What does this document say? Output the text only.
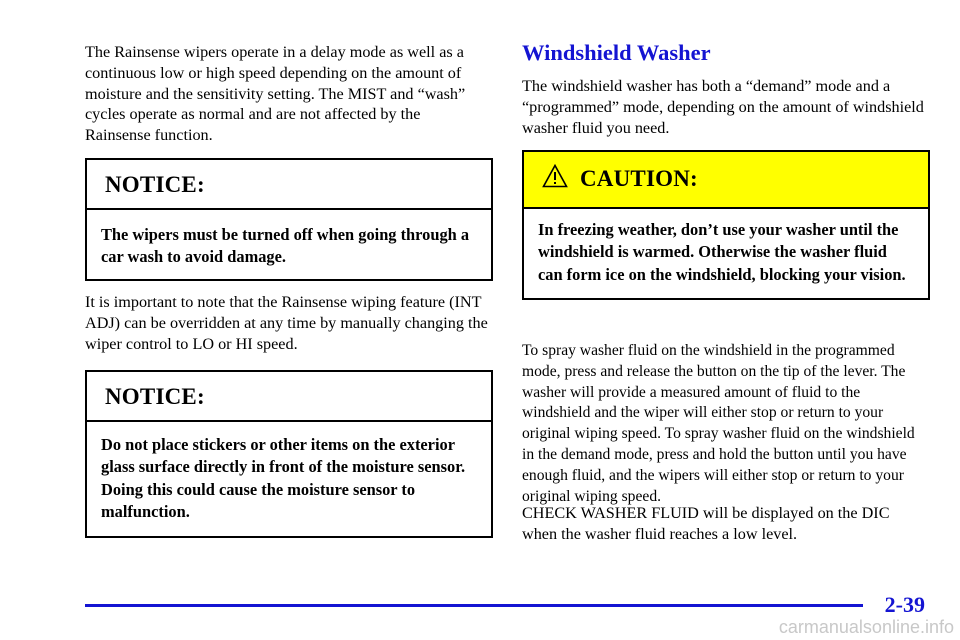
The Rainsense wipers operate in a delay mode as well as a continuous low or high speed depending on the amount of moisture and the sensitivity setting. The MIST and “wash” cycles operate as normal and are not affected by the Rainsense function.

NOTICE:
The wipers must be turned off when going through a car wash to avoid damage.

It is important to note that the Rainsense wiping feature (INT ADJ) can be overridden at any time by manually changing the wiper control to LO or HI speed.

NOTICE:
Do not place stickers or other items on the exterior glass surface directly in front of the moisture sensor. Doing this could cause the moisture sensor to malfunction.
Windshield Washer

The windshield washer has both a “demand” mode and a “programmed” mode, depending on the amount of windshield washer fluid you need.

CAUTION:
In freezing weather, don’t use your washer until the windshield is warmed. Otherwise the washer fluid can form ice on the windshield, blocking your vision.

To spray washer fluid on the windshield in the programmed mode, press and release the button on the tip of the lever. The washer will provide a measured amount of fluid to the windshield and the wiper will either stop or return to your original wiping speed. To spray washer fluid on the windshield in the demand mode, press and hold the button until you have enough fluid, and the wipers will either stop or return to your original wiping speed.

CHECK WASHER FLUID will be displayed on the DIC when the washer fluid reaches a low level.

2-39
carmanualsonline.info
